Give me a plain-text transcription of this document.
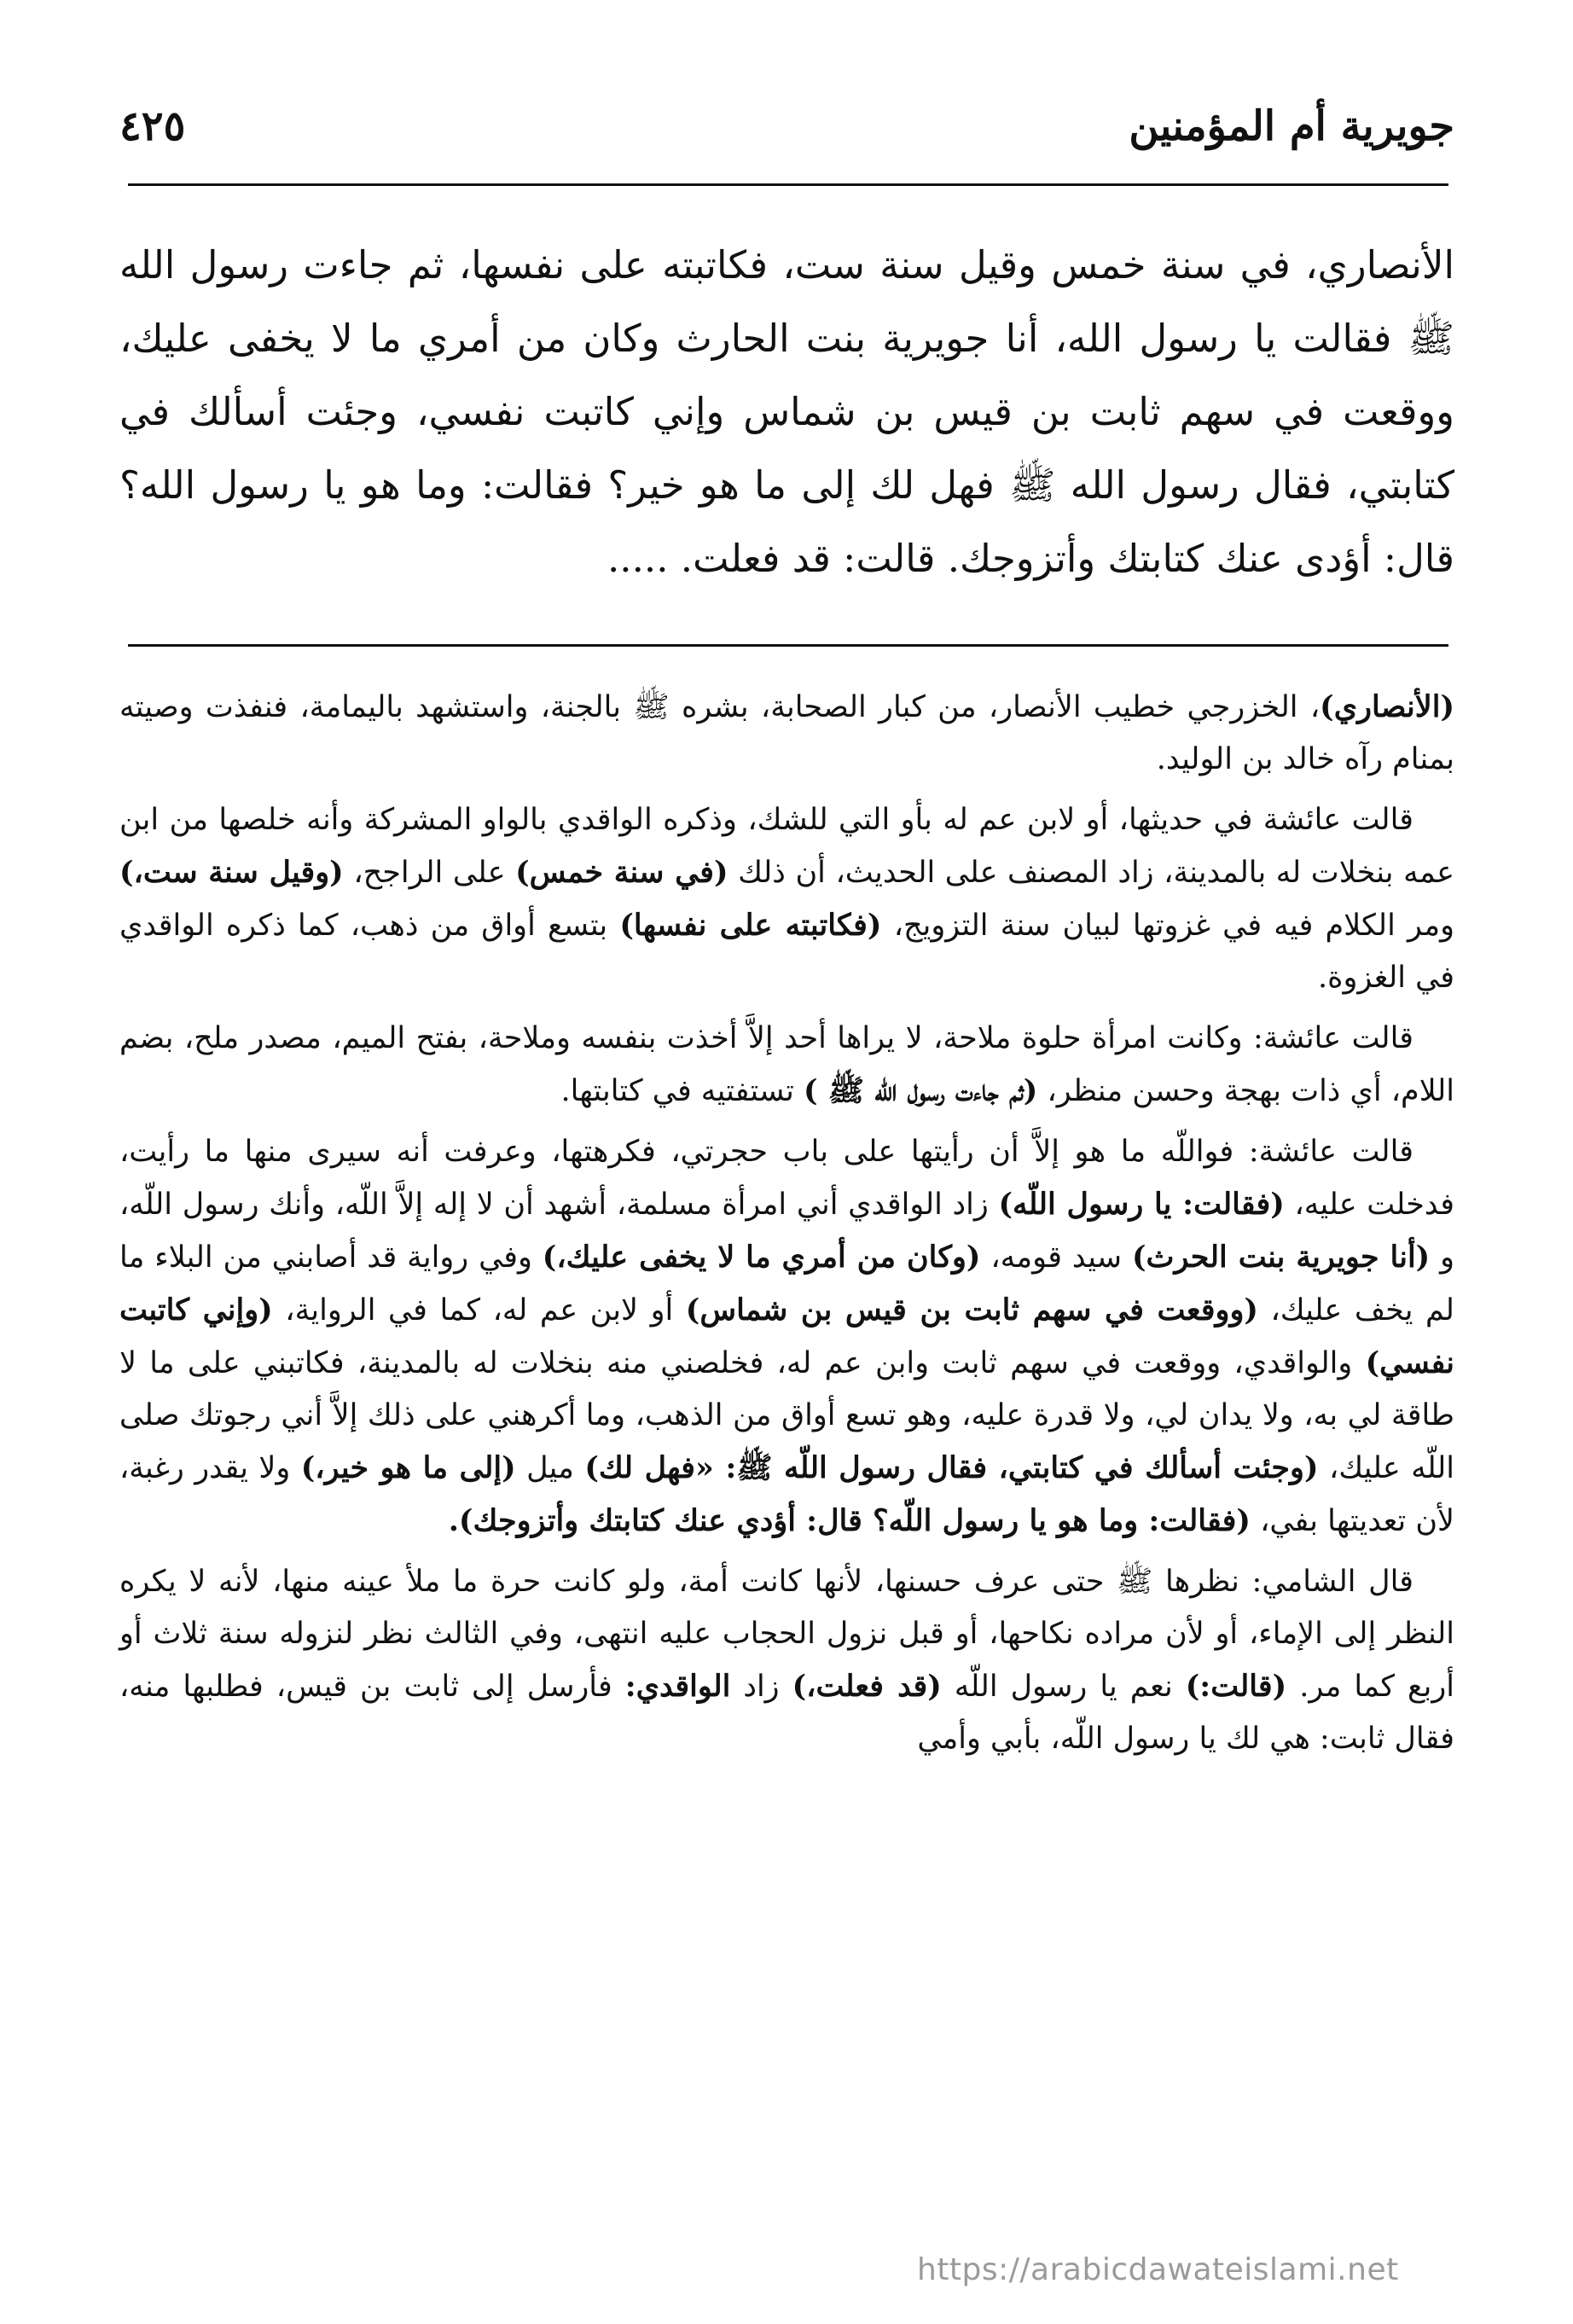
جويرية أم المؤمنين
٤٢٥

الأنصاري، في سنة خمس وقيل سنة ست، فكاتبته على نفسها، ثم جاءت رسول الله ﷺ فقالت يا رسول الله، أنا جويرية بنت الحارث وكان من أمري ما لا يخفى عليك، ووقعت في سهم ثابت بن قيس بن شماس وإني كاتبت نفسي، وجئت أسألك في كتابتي، فقال رسول الله ﷺ فهل لك إلى ما هو خير؟ فقالت: وما هو يا رسول الله؟ قال: أؤدى عنك كتابتك وأتزوجك. قالت: قد فعلت. .....

(الأنصاري)، الخزرجي خطيب الأنصار، من كبار الصحابة، بشره ﷺ بالجنة، واستشهد باليمامة، فنفذت وصيته بمنام رآه خالد بن الوليد.

قالت عائشة في حديثها، أو لابن عم له بأو التي للشك، وذكره الواقدي بالواو المشركة وأنه خلصها من ابن عمه بنخلات له بالمدينة، زاد المصنف على الحديث، أن ذلك (في سنة خمس) على الراجح، (وقيل سنة ست،) ومر الكلام فيه في غزوتها لبيان سنة التزويج، (فكاتبته على نفسها) بتسع أواق من ذهب، كما ذكره الواقدي في الغزوة.

قالت عائشة: وكانت امرأة حلوة ملاحة، لا يراها أحد إلاَّ أخذت بنفسه وملاحة، بفتح الميم، مصدر ملح، بضم اللام، أي ذات بهجة وحسن منظر، (ثم جاءت رسول اللّه ﷺ ) تستفتيه في كتابتها.

قالت عائشة: فواللّه ما هو إلاَّ أن رأيتها على باب حجرتي، فكرهتها، وعرفت أنه سيرى منها ما رأيت، فدخلت عليه، (فقالت: يا رسول اللّه) زاد الواقدي أني امرأة مسلمة، أشهد أن لا إله إلاَّ اللّه، وأنك رسول اللّه، و (أنا جويرية بنت الحرث) سيد قومه، (وكان من أمري ما لا يخفى عليك،) وفي رواية قد أصابني من البلاء ما لم يخف عليك، (ووقعت في سهم ثابت بن قيس بن شماس) أو لابن عم له، كما في الرواية، (وإني كاتبت نفسي) والواقدي، ووقعت في سهم ثابت وابن عم له، فخلصني منه بنخلات له بالمدينة، فكاتبني على ما لا طاقة لي به، ولا يدان لي، ولا قدرة عليه، وهو تسع أواق من الذهب، وما أكرهني على ذلك إلاَّ أني رجوتك صلى اللّه عليك، (وجئت أسألك في كتابتي، فقال رسول اللّه ﷺ: «فهل لك) ميل (إلى ما هو خير،) ولا يقدر رغبة، لأن تعديتها بفي، (فقالت: وما هو يا رسول اللّه؟ قال: أؤدي عنك كتابتك وأتزوجك).

قال الشامي: نظرها ﷺ حتى عرف حسنها، لأنها كانت أمة، ولو كانت حرة ما ملأ عينه منها، لأنه لا يكره النظر إلى الإماء، أو لأن مراده نكاحها، أو قبل نزول الحجاب عليه انتهى، وفي الثالث نظر لنزوله سنة ثلاث أو أربع كما مر. (قالت:) نعم يا رسول اللّه (قد فعلت،) زاد الواقدي: فأرسل إلى ثابت بن قيس، فطلبها منه، فقال ثابت: هي لك يا رسول اللّه، بأبي وأمي

https://arabicdawateislami.net
